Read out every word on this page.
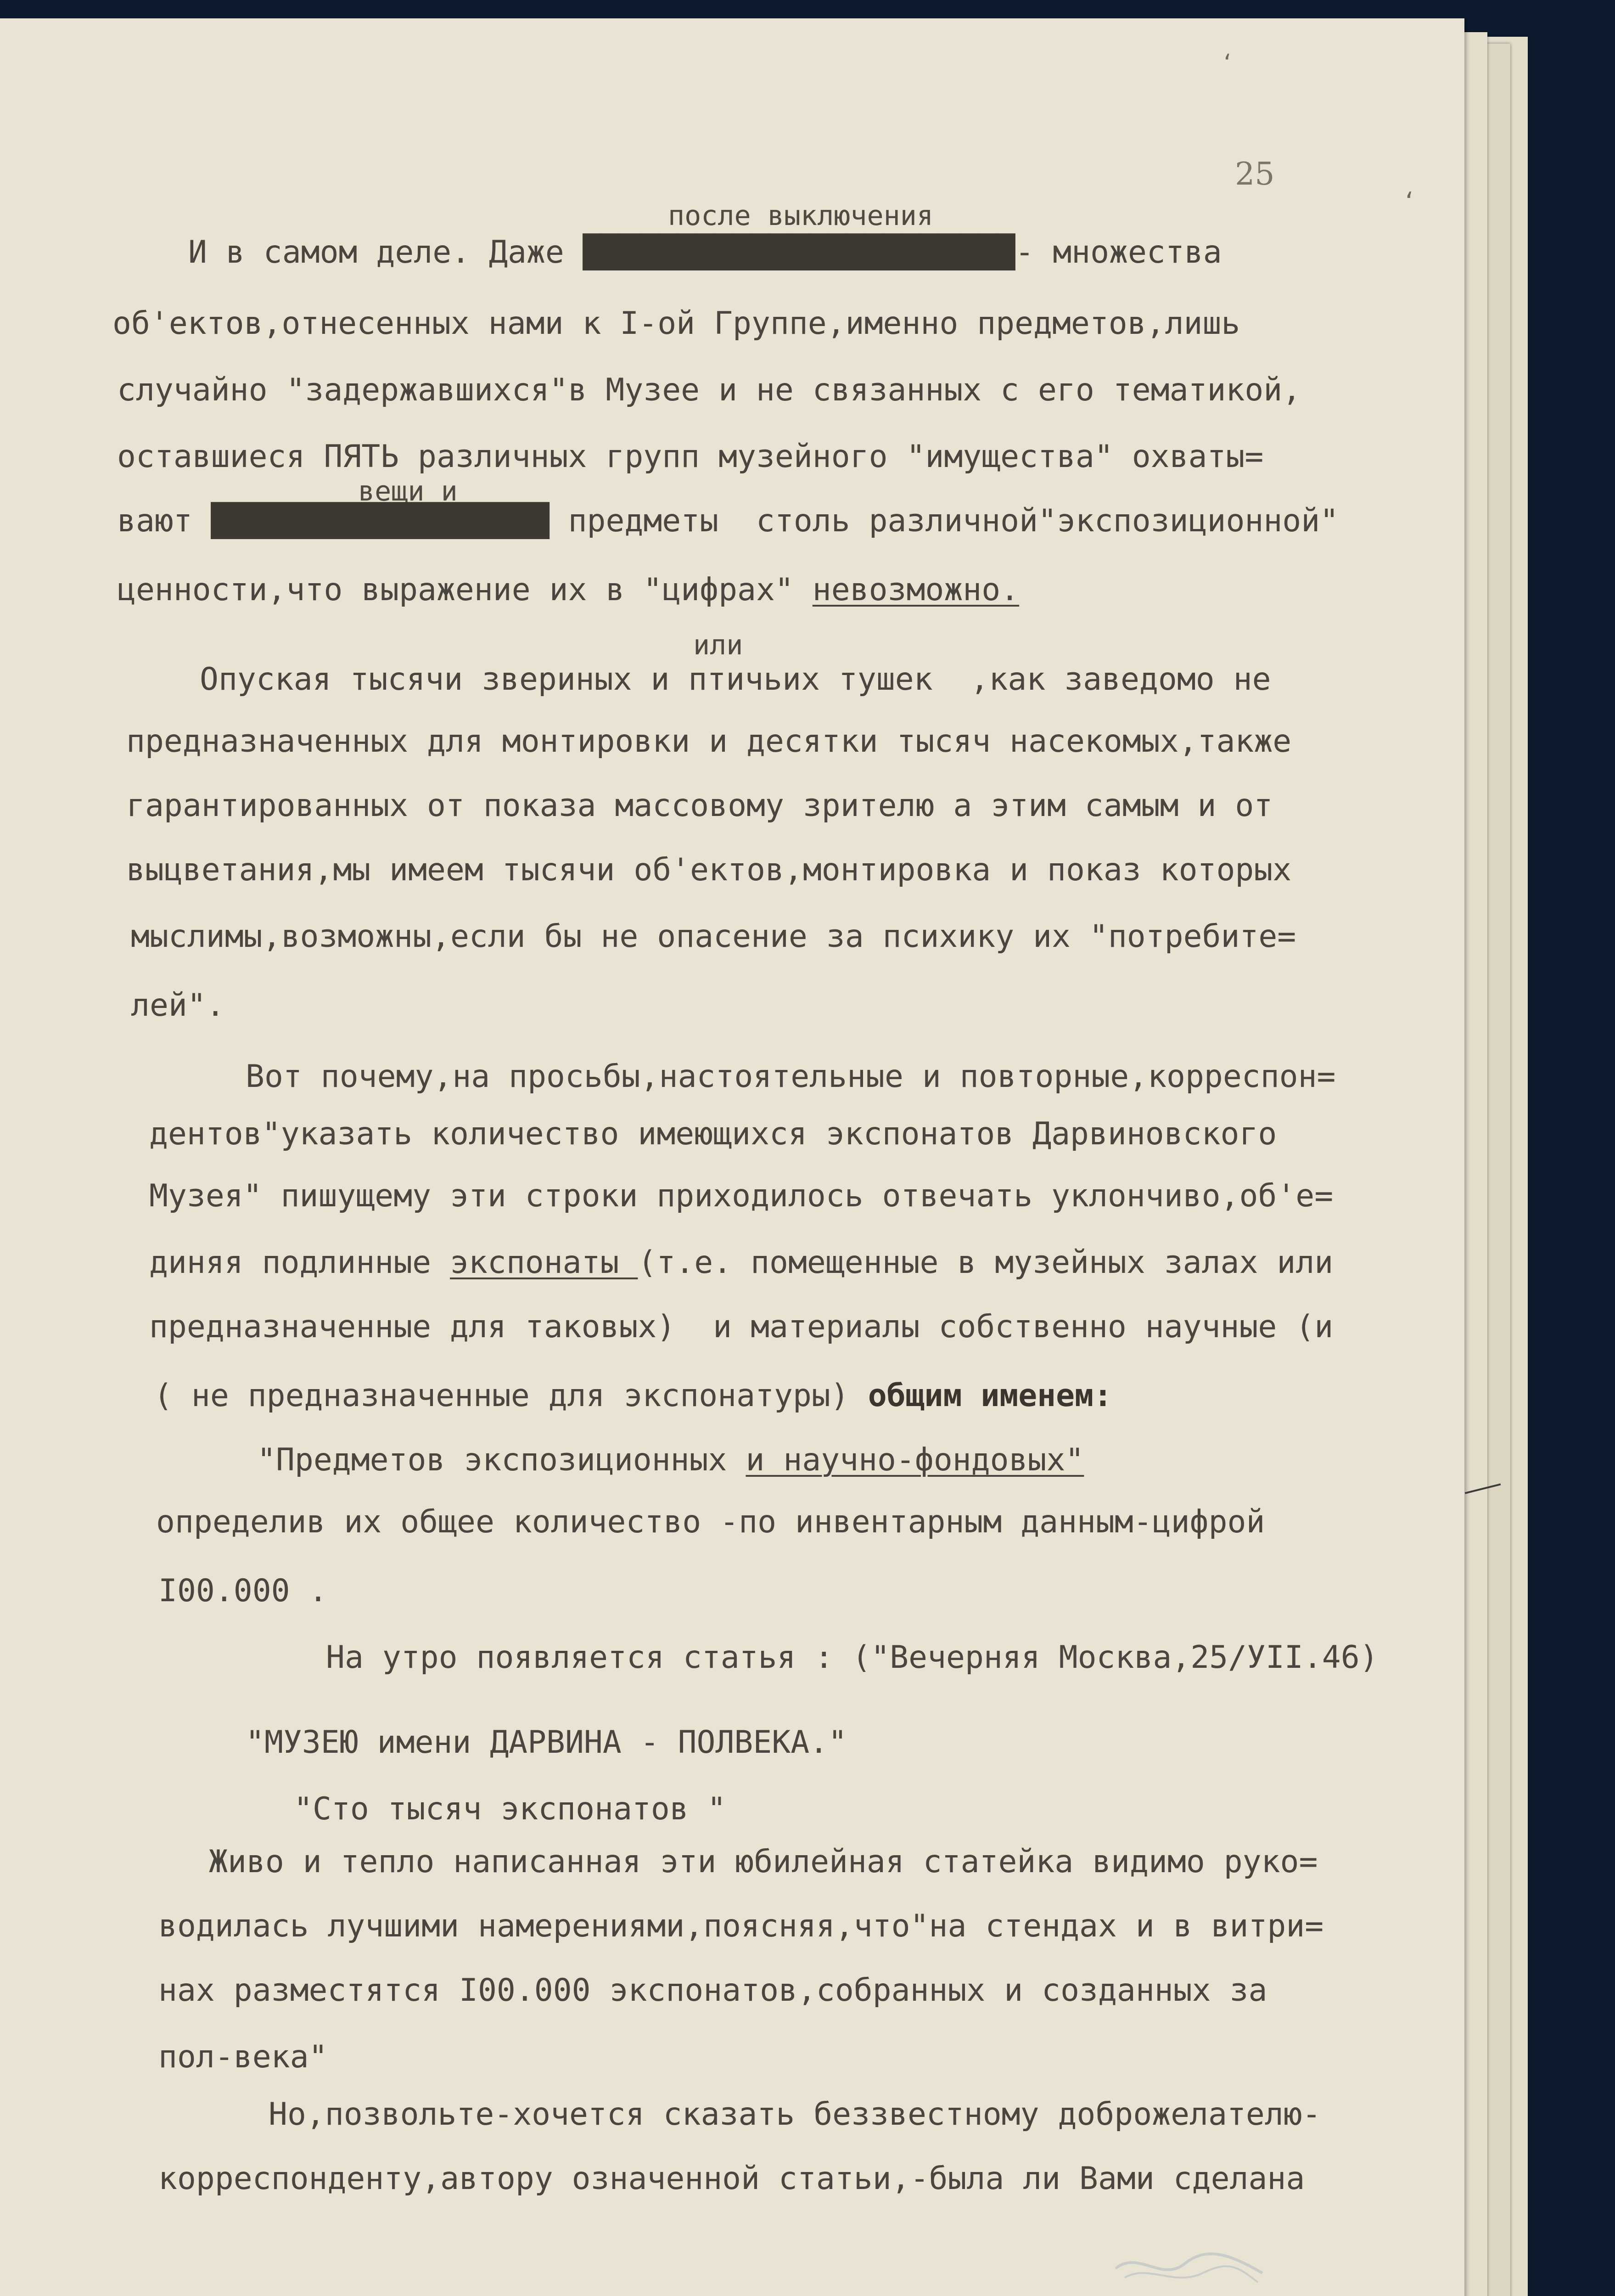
ʻ
25
ʻ
после выключения
вещи и
или
И в самом деле. Даже ███████████████████████- множества
об'ектов,отнесенных нами к I-ой Группе,именно предметов,лишь
случайно "задержавшихся"в Музее и не связанных с его тематикой,
оставшиеся ПЯТЬ различных групп музейного "имущества" охваты=
вают ██████████████████ предметы  столь различной"экспозиционной"
ценности,что выражение их в "цифрах" невозможно.
Опуская тысячи звериных и птичьих тушек  ,как заведомо не
предназначенных для монтировки и десятки тысяч насекомых,также
гарантированных от показа массовому зрителю а этим самым и от
выцветания,мы имеем тысячи об'ектов,монтировка и показ которых
мыслимы,возможны,если бы не опасение за психику их "потребите=
лей".
Вот почему,на просьбы,настоятельные и повторные,корреспон=
дентов"указать количество имеющихся экспонатов Дарвиновского
Музея" пишущему эти строки приходилось отвечать уклончиво,об'е=
диняя подлинные экспонаты (т.е. помещенные в музейных залах или
предназначенные для таковых)  и материалы собственно научные (и
( не предназначенные для экспонатуры) общим именем:
"Предметов экспозиционных и научно-фондовых"
определив их общее количество -по инвентарным данным-цифрой
I00.000 .
На утро появляется статья : ("Вечерняя Москва,25/УII.46)
"МУЗЕЮ имени ДАРВИНА - ПОЛВЕКА."
"Сто тысяч экспонатов "
Живо и тепло написанная эти юбилейная статейка видимо руко=
водилась лучшими намерениями,поясняя,что"на стендах и в витри=
нах разместятся I00.000 экспонатов,собранных и созданных за
пол-века"
Но,позвольте-хочется сказать беззвестному доброжелателю-
корреспонденту,автору означенной статьи,-была ли Вами сделана
